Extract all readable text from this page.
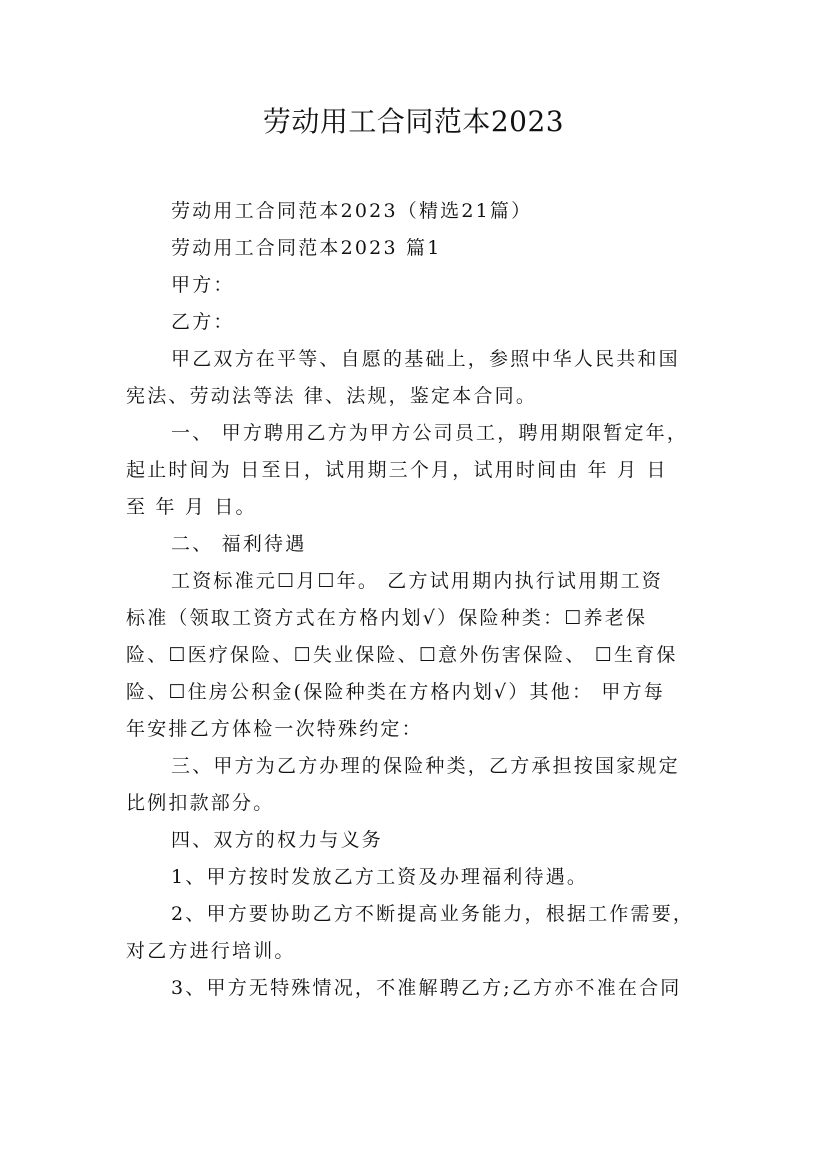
劳动用工合同范本2023

劳动用工合同范本2023（精选21篇）

劳动用工合同范本2023 篇1

甲方：

乙方：

甲乙双方在平等、自愿的基础上，参照中华人民共和国

宪法、劳动法等法 律、法规，鉴定本合同。

一、 甲方聘用乙方为甲方公司员工，聘用期限暂定年，

起止时间为 日至日，试用期三个月，试用时间由 年 月 日

至 年 月 日。

二、 福利待遇

工资标准元☐月☐年。 乙方试用期内执行试用期工资

标准（领取工资方式在方格内划√）保险种类：☐养老保

险、☐医疗保险、☐失业保险、☐意外伤害保险、 ☐生育保

险、☐住房公积金(保险种类在方格内划√）其他： 甲方每

年安排乙方体检一次特殊约定：

三、甲方为乙方办理的保险种类，乙方承担按国家规定

比例扣款部分。

四、双方的权力与义务

1、甲方按时发放乙方工资及办理福利待遇。

2、甲方要协助乙方不断提高业务能力，根据工作需要，

对乙方进行培训。

3、甲方无特殊情况，不准解聘乙方;乙方亦不准在合同
